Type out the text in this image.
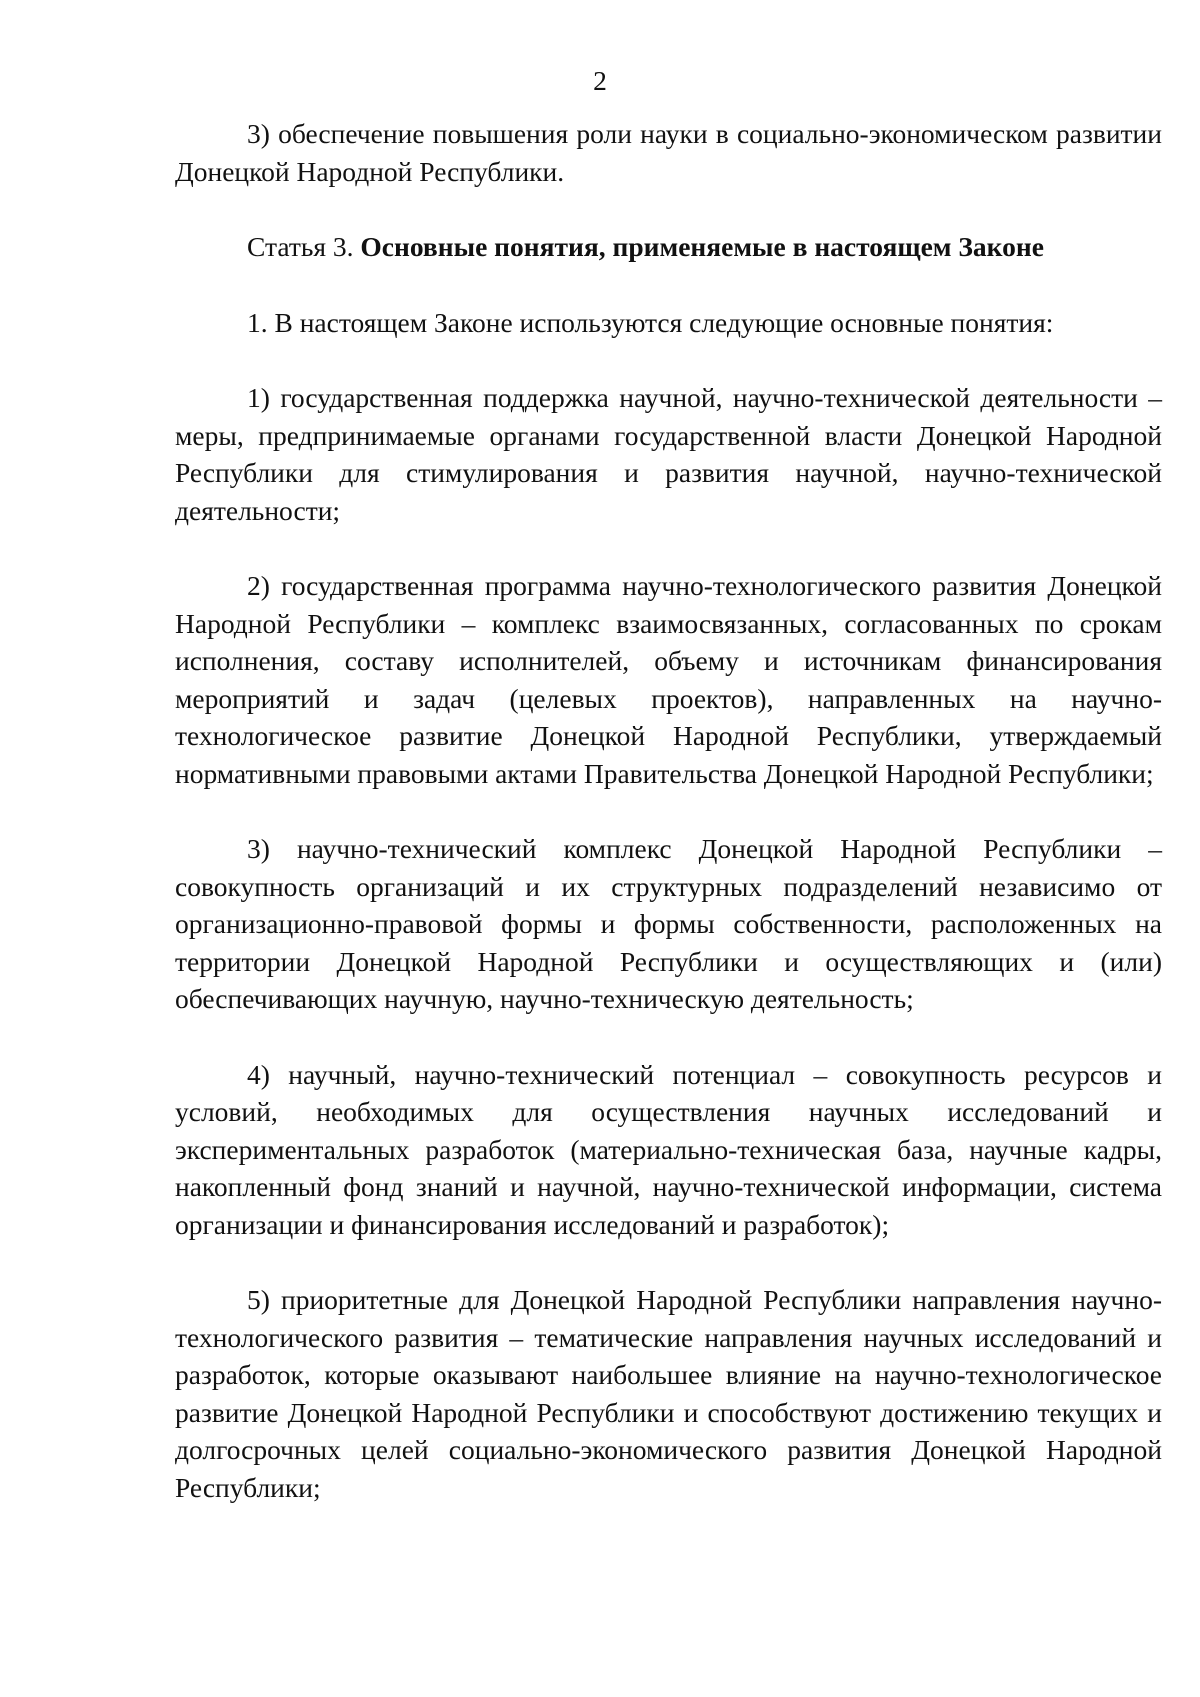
2

3) обеспечение повышения роли науки в социально-экономическом развитии Донецкой Народной Республики.

Статья 3. Основные понятия, применяемые в настоящем Законе

1. В настоящем Законе используются следующие основные понятия:

1) государственная поддержка научной, научно-технической деятельности – меры, предпринимаемые органами государственной власти Донецкой Народной Республики для стимулирования и развития научной, научно-технической деятельности;

2) государственная программа научно-технологического развития Донецкой Народной Республики – комплекс взаимосвязанных, согласованных по срокам исполнения, составу исполнителей, объему и источникам финансирования мероприятий и задач (целевых проектов), направленных на научно-технологическое развитие Донецкой Народной Республики, утверждаемый нормативными правовыми актами Правительства Донецкой Народной Республики;

3) научно-технический комплекс Донецкой Народной Республики – совокупность организаций и их структурных подразделений независимо от организационно-правовой формы и формы собственности, расположенных на территории Донецкой Народной Республики и осуществляющих и (или) обеспечивающих научную, научно-техническую деятельность;

4) научный, научно-технический потенциал – совокупность ресурсов и условий, необходимых для осуществления научных исследований и экспериментальных разработок (материально-техническая база, научные кадры, накопленный фонд знаний и научной, научно-технической информации, система организации и финансирования исследований и разработок);

5) приоритетные для Донецкой Народной Республики направления научно-технологического развития – тематические направления научных исследований и разработок, которые оказывают наибольшее влияние на научно-технологическое развитие Донецкой Народной Республики и способствуют достижению текущих и долгосрочных целей социально-экономического развития Донецкой Народной Республики;
